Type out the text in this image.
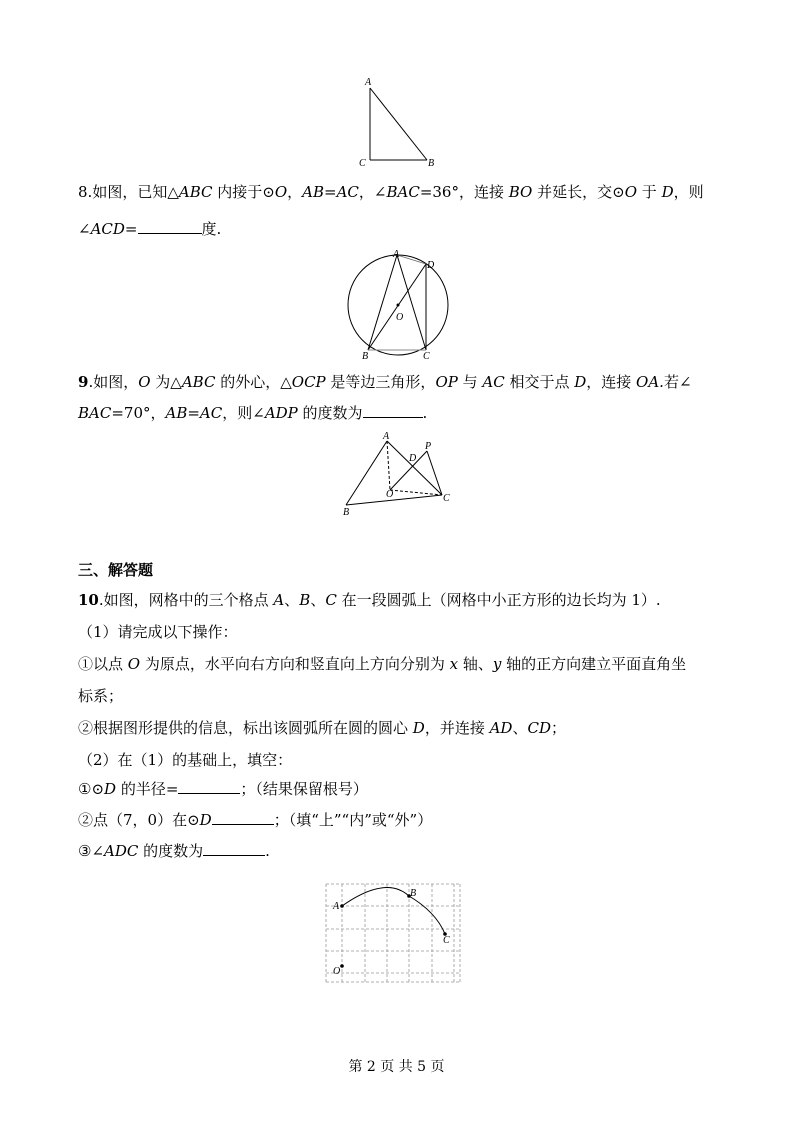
A
C	B
8.如图，已知△ABC 内接于⊙O，AB=AC，∠BAC=36°，连接 BO 并延长，交⊙O 于 D，则
∠ACD=	度.
A
D
O
B	C
9.如图，O 为△ABC 的外心，△OCP 是等边三角形，OP 与 AC 相交于点 D，连接 OA.若∠
BAC=70°，AB=AC，则∠ADP 的度数为	.
A
P
D
O	C
B
三、解答题
10.如图，网格中的三个格点 A、B、C 在一段圆弧上（网格中小正方形的边长均为 1）.
（1）请完成以下操作：
①以点 O 为原点，水平向右方向和竖直向上方向分别为 x 轴、y 轴的正方向建立平面直角坐
标系；
②根据图形提供的信息，标出该圆弧所在圆的圆心 D，并连接 AD、CD；
（2）在（1）的基础上，填空：
①⊙D 的半径=	；（结果保留根号）
②点（7，0）在⊙D	；（填“上”“内”或“外”）
③∠ADC 的度数为	.
A
B
C
O
第 2 页 共 5 页
